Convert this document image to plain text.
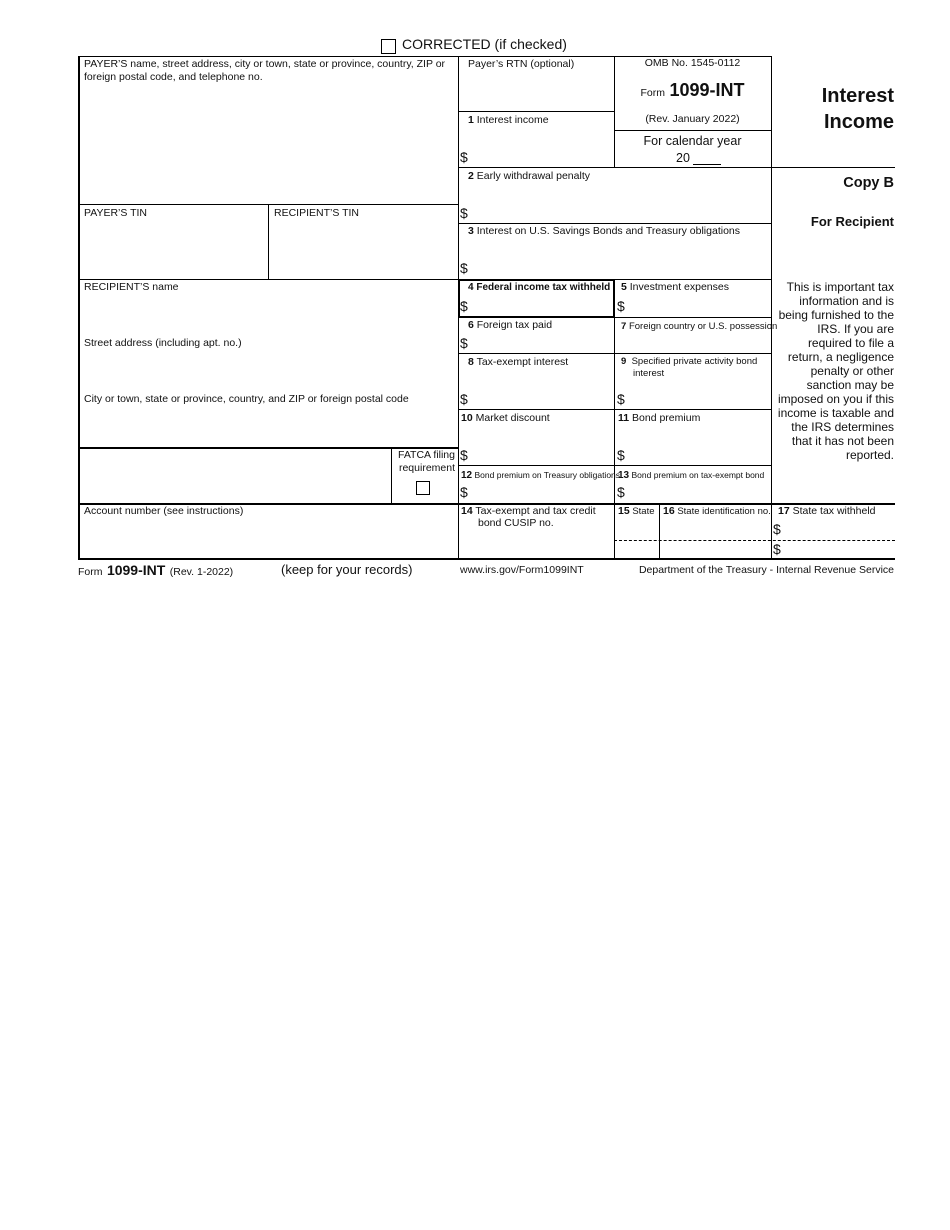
CORRECTED (if checked)
PAYER’S name, street address, city or town, state or province, country, ZIP or foreign postal code, and telephone no.
PAYER’S TIN	RECIPIENT’S TIN
RECIPIENT’S name
Street address (including apt. no.)
City or town, state or province, country, and ZIP or foreign postal code
FATCA filing
requirement
Account number (see instructions)
Payer’s RTN (optional)	OMB No. 1545-0112
Form 1099-INT
(Rev. January 2022)
For calendar year
20
Interest
Income
Copy B
For Recipient
This is important tax information and is being furnished to the IRS. If you are required to file a return, a negligence penalty or other sanction may be imposed on you if this income is taxable and the IRS determines that it has not been reported.
1 Interest income
$
2 Early withdrawal penalty
$
3 Interest on U.S. Savings Bonds and Treasury obligations
$
4 Federal income tax withheld
$
5 Investment expenses
$
6 Foreign tax paid
$
7 Foreign country or U.S. possession
8 Tax-exempt interest
$
9 Specified private activity bond
interest
$
10 Market discount
$
11 Bond premium
$
12 Bond premium on Treasury obligations
$
13 Bond premium on tax-exempt bond
$
14 Tax-exempt and tax credit
bond CUSIP no.
15 State 16 State identification no. 17 State tax withheld
$
$
Form 1099-INT (Rev. 1-2022)	(keep for your records)	www.irs.gov/Form1099INT	Department of the Treasury - Internal Revenue Service
